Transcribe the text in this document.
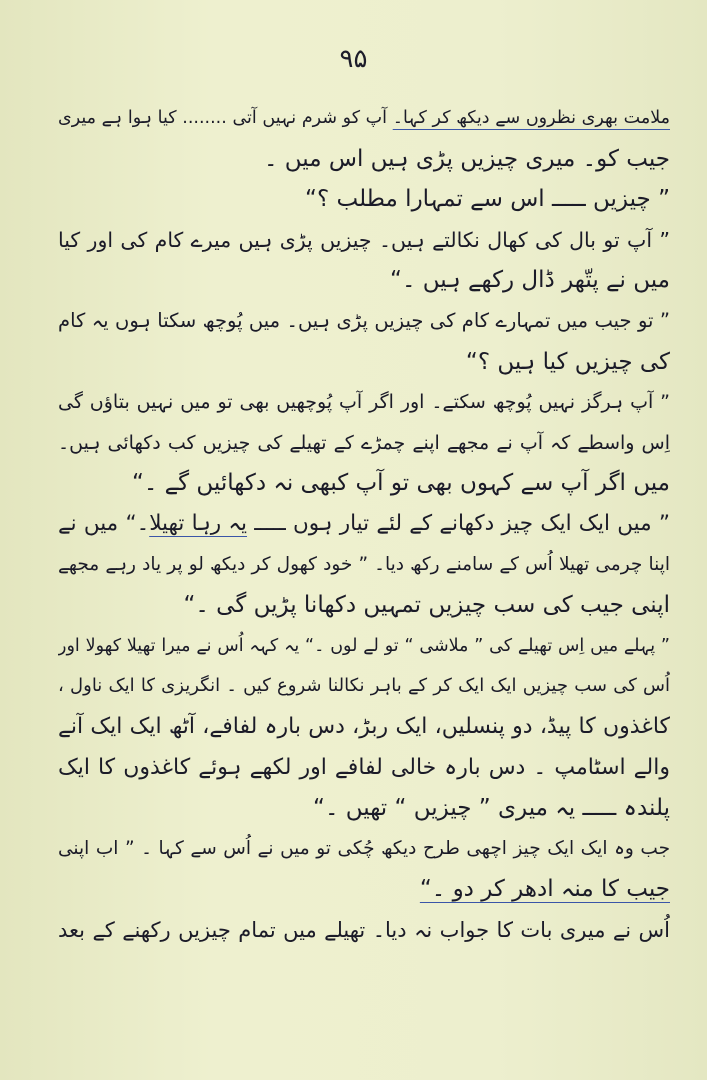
۹۵
ملامت بھری نظروں سے دیکھ کر کہا۔ آپ کو شرم نہیں آتی ........ کیا ہوا ہے میری
جیب کو۔ میری چیزیں پڑی ہیں اس میں ۔
” چیزیں ـــــ اس سے تمہارا مطلب ؟“
” آپ تو بال کی کھال نکالتے ہیں۔ چیزیں پڑی ہیں میرے کام کی اور کیا
میں نے پتّھر ڈال رکھے ہیں ۔“
” تو جیب میں تمہارے کام کی چیزیں پڑی ہیں۔ میں پُوچھ سکتا ہوں یہ کام
کی چیزیں کیا ہیں ؟“
” آپ ہرگز نہیں پُوچھ سکتے۔ اور اگر آپ پُوچھیں بھی تو میں نہیں بتاؤں گی
اِس واسطے کہ آپ نے مجھے اپنے چمڑے کے تھیلے کی چیزیں کب دکھائی ہیں۔
میں اگر آپ سے کہوں بھی تو آپ کبھی نہ دکھائیں گے ۔“
” میں ایک ایک چیز دکھانے کے لئے تیار ہوں ـــــ یہ رہا تھیلا۔“ میں نے
اپنا چرمی تھیلا اُس کے سامنے رکھ دیا۔ ” خود کھول کر دیکھ لو پر یاد رہے مجھے
اپنی جیب کی سب چیزیں تمہیں دکھانا پڑیں گی ۔“
” پہلے میں اِس تھیلے کی ” ملاشی “ تو لے لوں ۔“ یہ کہہ اُس نے میرا تھیلا کھولا اور
اُس کی سب چیزیں ایک ایک کر کے باہر نکالنا شروع کیں ۔ انگریزی کا ایک ناول ،
کاغذوں کا پیڈ، دو پنسلیں، ایک ربڑ، دس بارہ لفافے، آٹھ ایک ایک آنے
والے اسٹامپ ۔ دس بارہ خالی لفافے اور لکھے ہوئے کاغذوں کا ایک
پلندہ ـــــ یہ میری ” چیزیں “ تھیں ۔“
جب وہ ایک ایک چیز اچھی طرح دیکھ چُکی تو میں نے اُس سے کہا ۔ ” اب اپنی
جیب کا منہ ادھر کر دو ۔“
اُس نے میری بات کا جواب نہ دیا۔ تھیلے میں تمام چیزیں رکھنے کے بعد
